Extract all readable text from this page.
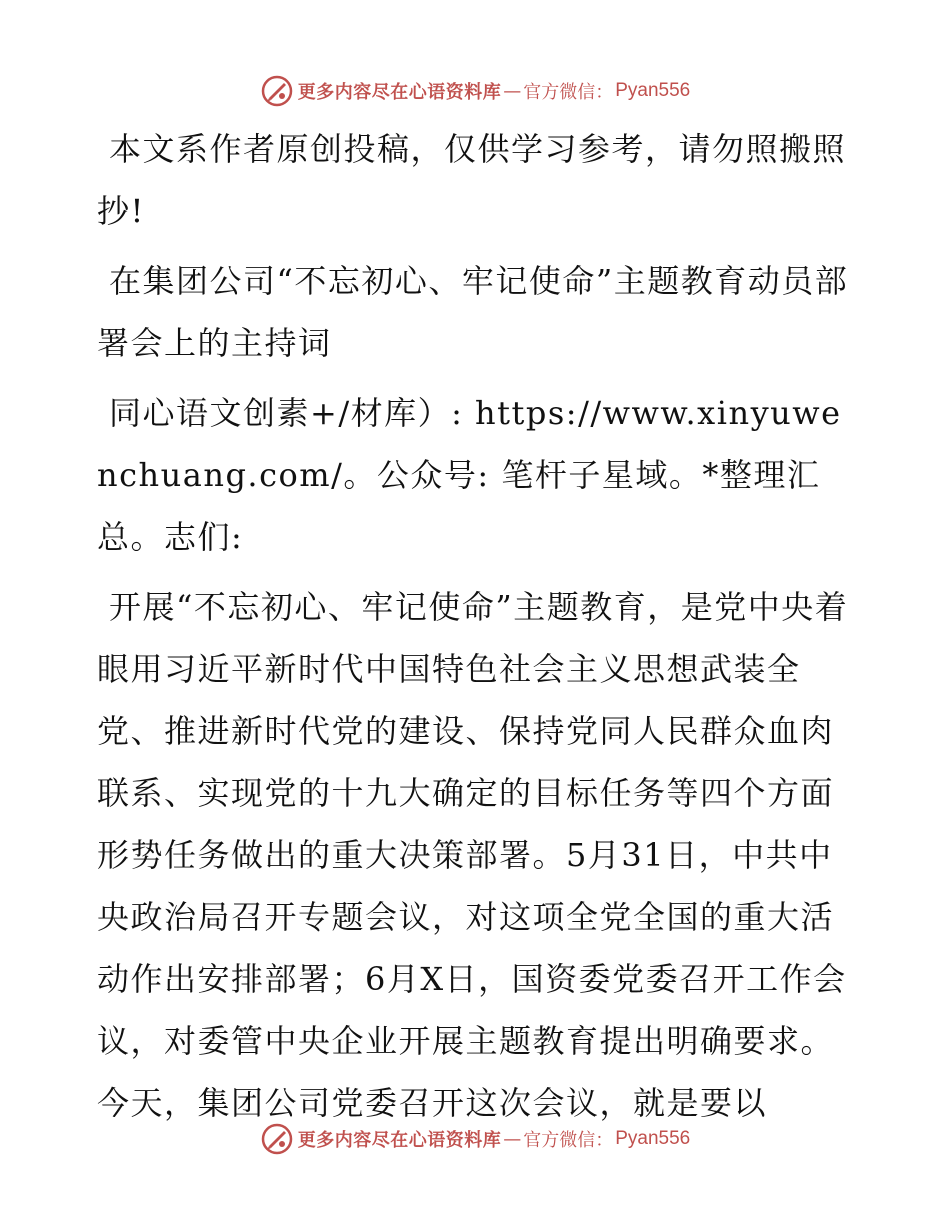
更多内容尽在心语资料库 — 官方微信： Pyan556

本文系作者原创投稿，仅供学习参考，请勿照搬照抄!

在集团公司“不忘初心、牢记使命”主题教育动员部署会上的主持词

同心语文创素+/材库）: https://www.xinyuwenchuang.com/。公众号: 笔杆子星域。*整理汇总。志们:

开展“不忘初心、牢记使命”主题教育，是党中央着眼用习近平新时代中国特色社会主义思想武装全党、推进新时代党的建设、保持党同人民群众血肉联系、实现党的十九大确定的目标任务等四个方面形势任务做出的重大决策部署。5月31日，中共中央政治局召开专题会议，对这项全党全国的重大活动作出安排部署；6月X日，国资委党委召开工作会议，对委管中央企业开展主题教育提出明确要求。今天，集团公司党委召开这次会议，就是要以

更多内容尽在心语资料库 — 官方微信： Pyan556
